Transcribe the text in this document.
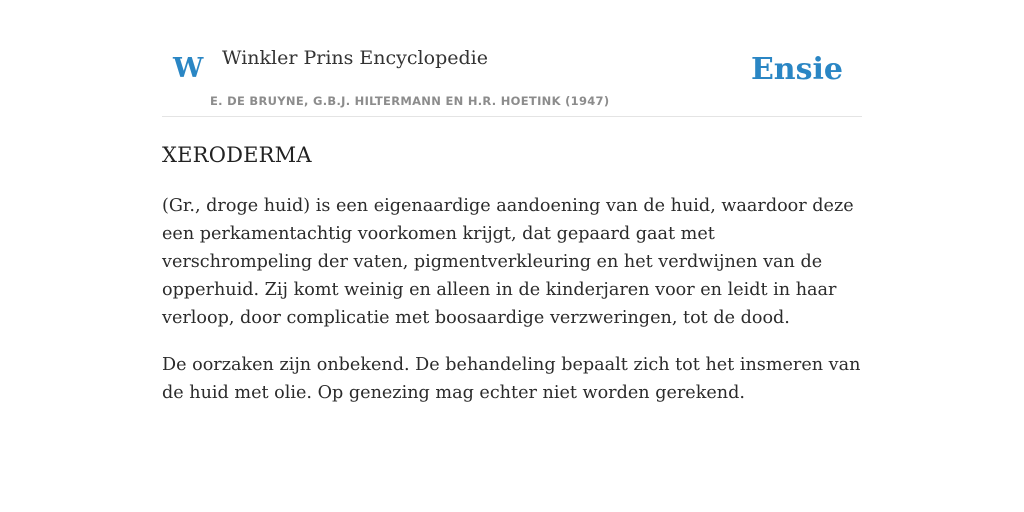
W Winkler Prins Encyclopedie
E. DE BRUYNE, G.B.J. HILTERMANN EN H.R. HOETINK (1947)
Ensie
XERODERMA

(Gr., droge huid) is een eigenaardige aandoening van de huid, waardoor deze een perkamentachtig voorkomen krijgt, dat gepaard gaat met verschrompeling der vaten, pigmentverkleuring en het verdwijnen van de opperhuid. Zij komt weinig en alleen in de kinderjaren voor en leidt in haar verloop, door complicatie met boosaardige verzweringen, tot de dood.

De oorzaken zijn onbekend. De behandeling bepaalt zich tot het insmeren van de huid met olie. Op genezing mag echter niet worden gerekend.
